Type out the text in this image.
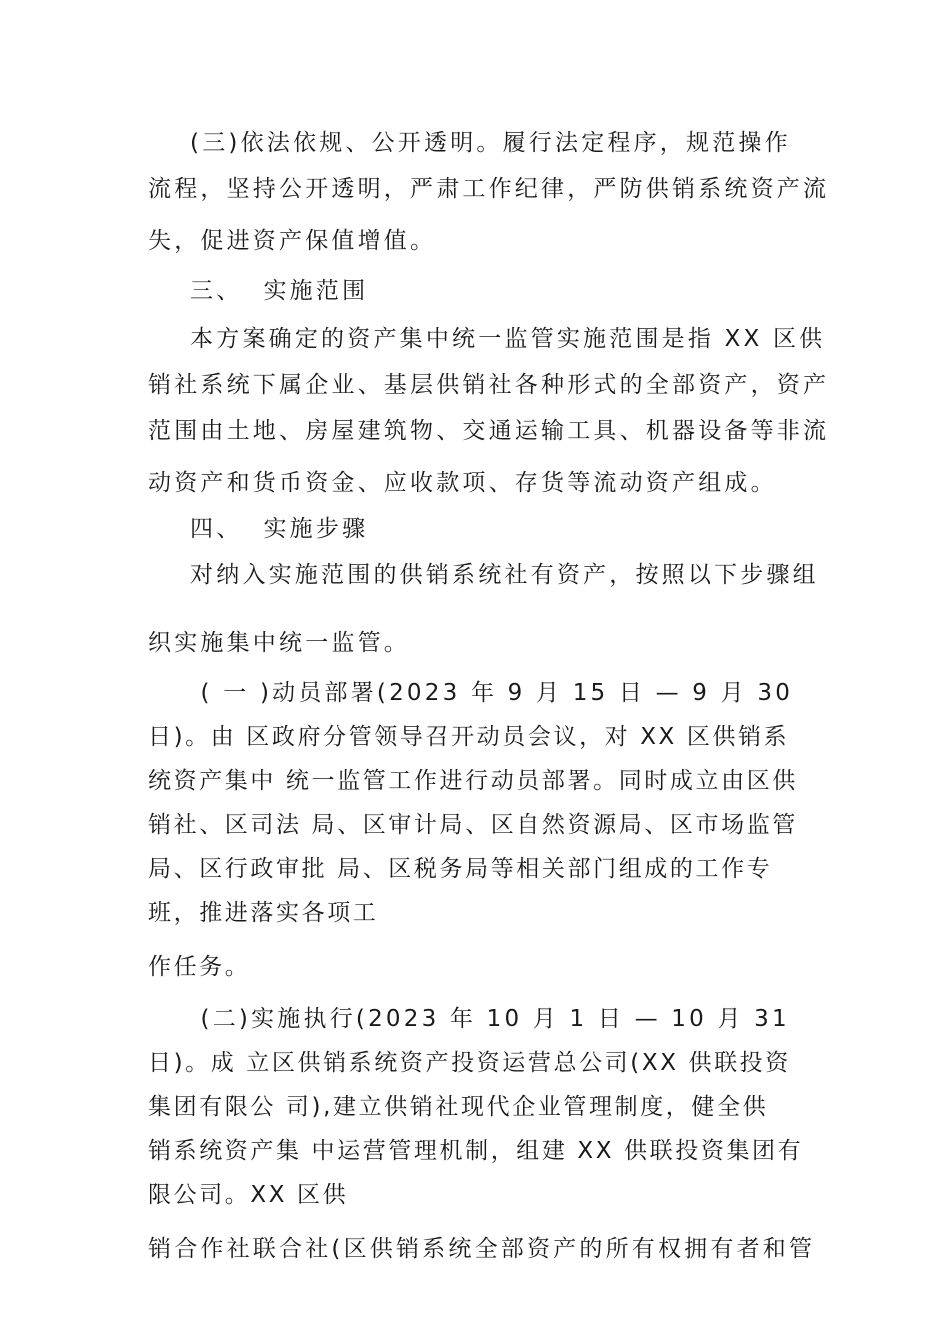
(三)依法依规、公开透明。履行法定程序，规范操作
流程，坚持公开透明，严肃工作纪律，严防供销系统资产流
失，促进资产保值增值。
三、  实施范围
本方案确定的资产集中统一监管实施范围是指 XX 区供
销社系统下属企业、基层供销社各种形式的全部资产，资产
范围由土地、房屋建筑物、交通运输工具、机器设备等非流
动资产和货币资金、应收款项、存货等流动资产组成。
四、  实施步骤
对纳入实施范围的供销系统社有资产，按照以下步骤组
织实施集中统一监管。
( 一 )动员部署(2023 年 9 月 15 日 — 9 月 30
日)。由 区政府分管领导召开动员会议，对 XX 区供销系
统资产集中 统一监管工作进行动员部署。同时成立由区供
销社、区司法 局、区审计局、区自然资源局、区市场监管
局、区行政审批 局、区税务局等相关部门组成的工作专
班，推进落实各项工
作任务。
(二)实施执行(2023 年 10 月 1 日 — 10 月 31
日)。成 立区供销系统资产投资运营总公司(XX 供联投资
集团有限公 司),建立供销社现代企业管理制度，健全供
销系统资产集 中运营管理机制，组建 XX 供联投资集团有
限公司。XX 区供
销合作社联合社(区供销系统全部资产的所有权拥有者和管
